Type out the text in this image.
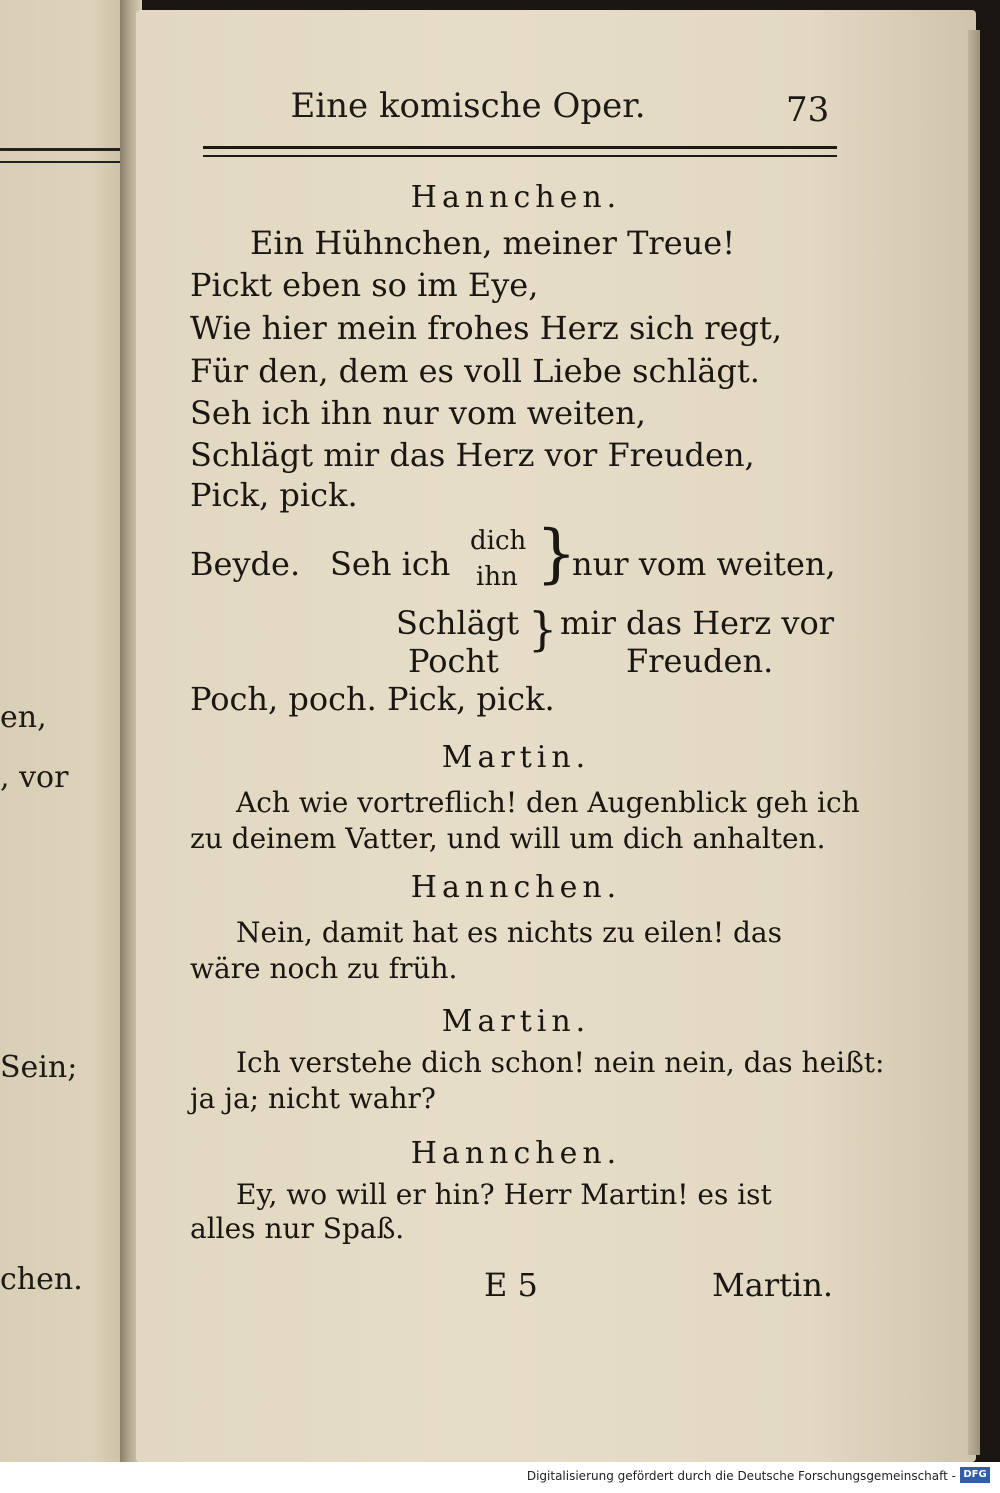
en,
, vor
Sein;
chen.
Eine komische Oper.	73
Hannchen.
Ein Hühnchen, meiner Treue!
Pickt eben so im Eye,
Wie hier mein frohes Herz sich regt,
Für den, dem es voll Liebe schlägt.
Seh ich ihn nur vom weiten,
Schlägt mir das Herz vor Freuden,
Pick, pick.
Beyde. Seh ich
dich
ihn }
nur vom weiten,
Schlägt
Pocht
} mir das Herz vor
Freuden.
Poch, poch. Pick, pick.
Martin.
Ach wie vortreflich! den Augenblick geh ich
zu deinem Vatter, und will um dich anhalten.
Hannchen.
Nein, damit hat es nichts zu eilen! das
wäre noch zu früh.
Martin.
Ich verstehe dich schon! nein nein, das heißt:
ja ja; nicht wahr?
Hannchen.
Ey, wo will er hin? Herr Martin! es ist
alles nur Spaß.
E 5	Martin.
Digitalisierung gefördert durch die Deutsche Forschungsgemeinschaft - DFG
